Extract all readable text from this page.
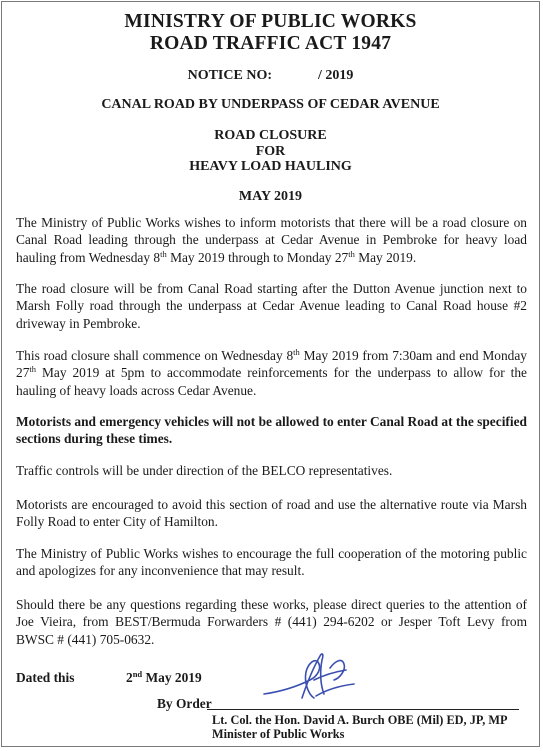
MINISTRY OF PUBLIC WORKS

ROAD TRAFFIC ACT 1947

NOTICE NO:	/ 2019

CANAL ROAD BY UNDERPASS OF CEDAR AVENUE

ROAD CLOSURE

FOR

HEAVY LOAD HAULING

MAY 2019

The Ministry of Public Works wishes to inform motorists that there will be a road closure on Canal Road leading through the underpass at Cedar Avenue in Pembroke for heavy load hauling from Wednesday 8th May 2019 through to Monday 27th May 2019.

The road closure will be from Canal Road starting after the Dutton Avenue junction next to Marsh Folly road through the underpass at Cedar Avenue leading to Canal Road house #2 driveway in Pembroke.

This road closure shall commence on Wednesday 8th May 2019 from 7:30am and end Monday 27th May 2019 at 5pm to accommodate reinforcements for the underpass to allow for the hauling of heavy loads across Cedar Avenue.

Motorists and emergency vehicles will not be allowed to enter Canal Road at the specified sections during these times.

Traffic controls will be under direction of the BELCO representatives.

Motorists are encouraged to avoid this section of road and use the alternative route via Marsh Folly Road to enter City of Hamilton.

The Ministry of Public Works wishes to encourage the full cooperation of the motoring public and apologizes for any inconvenience that may result.

Should there be any questions regarding these works, please direct queries to the attention of Joe Vieira, from BEST/Bermuda Forwarders # (441) 294-6202 or Jesper Toft Levy from BWSC # (441) 705-0632.

Dated this	2nd May 2019
By Order
Lt. Col. the Hon. David A. Burch OBE (Mil) ED, JP, MP
Minister of Public Works
